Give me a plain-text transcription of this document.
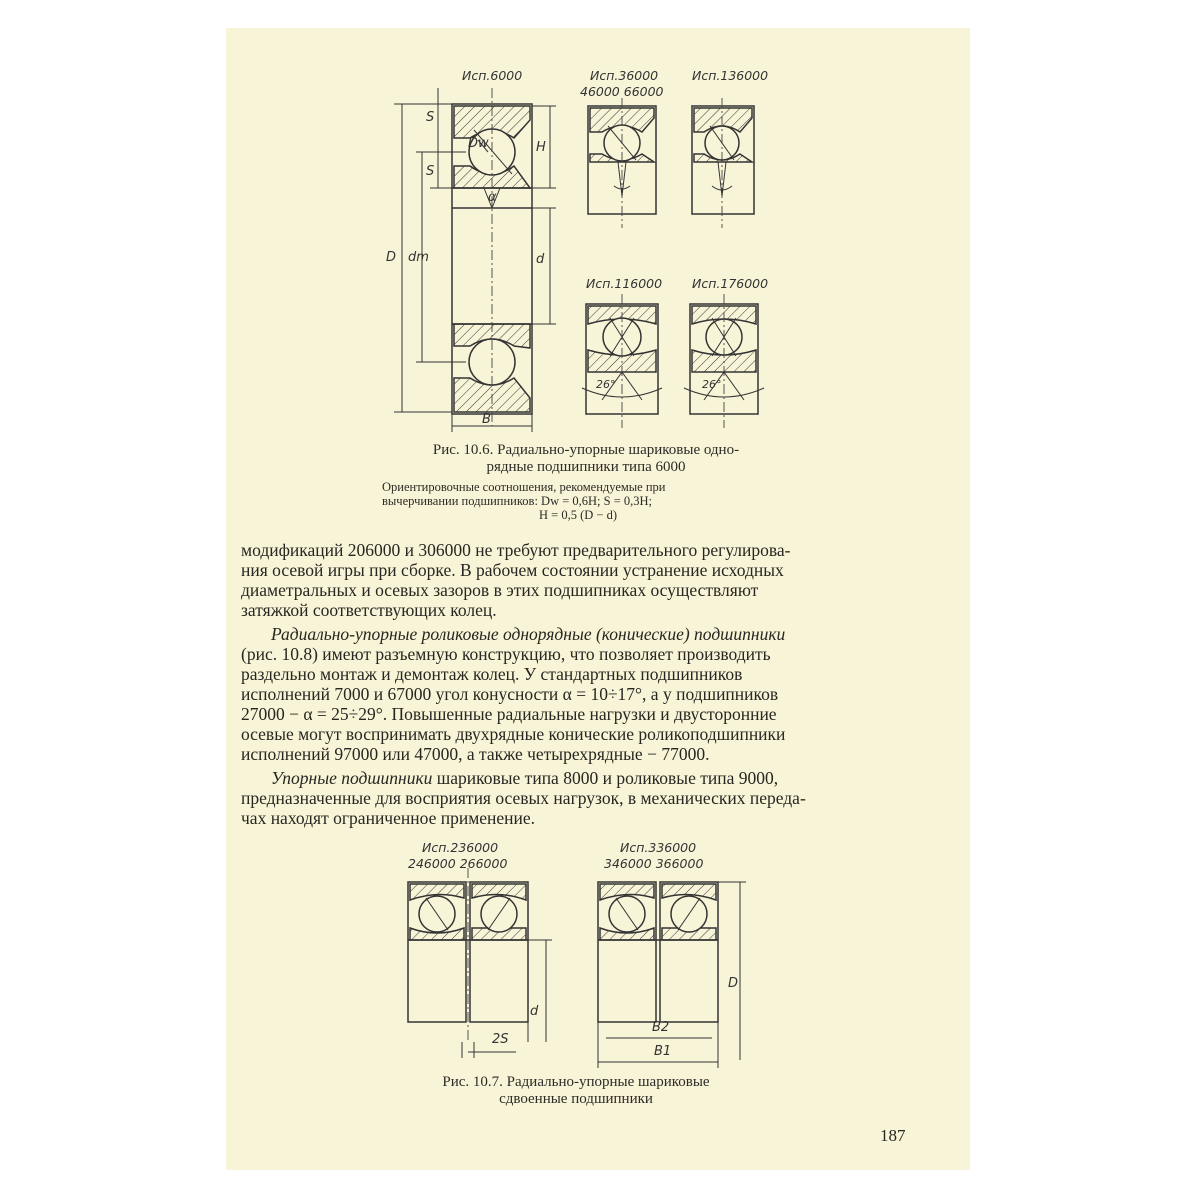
Исп.6000	Исп.36000
46000 66000
Исп.136000
Исп.116000 Исп.176000
S
S
Dw	H
α
D dm	d
B
26°	26°
Рис. 10.6. Радиально-упорные шариковые одно-
рядные подшипники типа 6000
Ориентировочные соотношения, рекомендуемые при
вычерчивании подшипников: Dw = 0,6H; S = 0,3H;
H = 0,5 (D − d)

модификаций 206000 и 306000 не требуют предварительного регулирова-

ния осевой игры при сборке. В рабочем состоянии устранение исходных

диаметральных и осевых зазоров в этих подшипниках осуществляют

затяжкой соответствующих колец.

Радиально-упорные роликовые однорядные (конические) подшипники

(рис. 10.8) имеют разъемную конструкцию, что позволяет производить

раздельно монтаж и демонтаж колец. У стандартных подшипников

исполнений 7000 и 67000 угол конусности α = 10÷17°, а у подшипников

27000 − α = 25÷29°. Повышенные радиальные нагрузки и двусторонние

осевые могут воспринимать двухрядные конические роликоподшипники

исполнений 97000 или 47000, а также четырехрядные − 77000.

Упорные подшипники шариковые типа 8000 и роликовые типа 9000,

предназначенные для восприятия осевых нагрузок, в механических переда-

чах находят ограниченное применение.

Исп.236000
246000 266000
Исп.336000
346000 366000
d
2S
D
B2
B1
Рис. 10.7. Радиально-упорные шариковые
сдвоенные подшипники
187
